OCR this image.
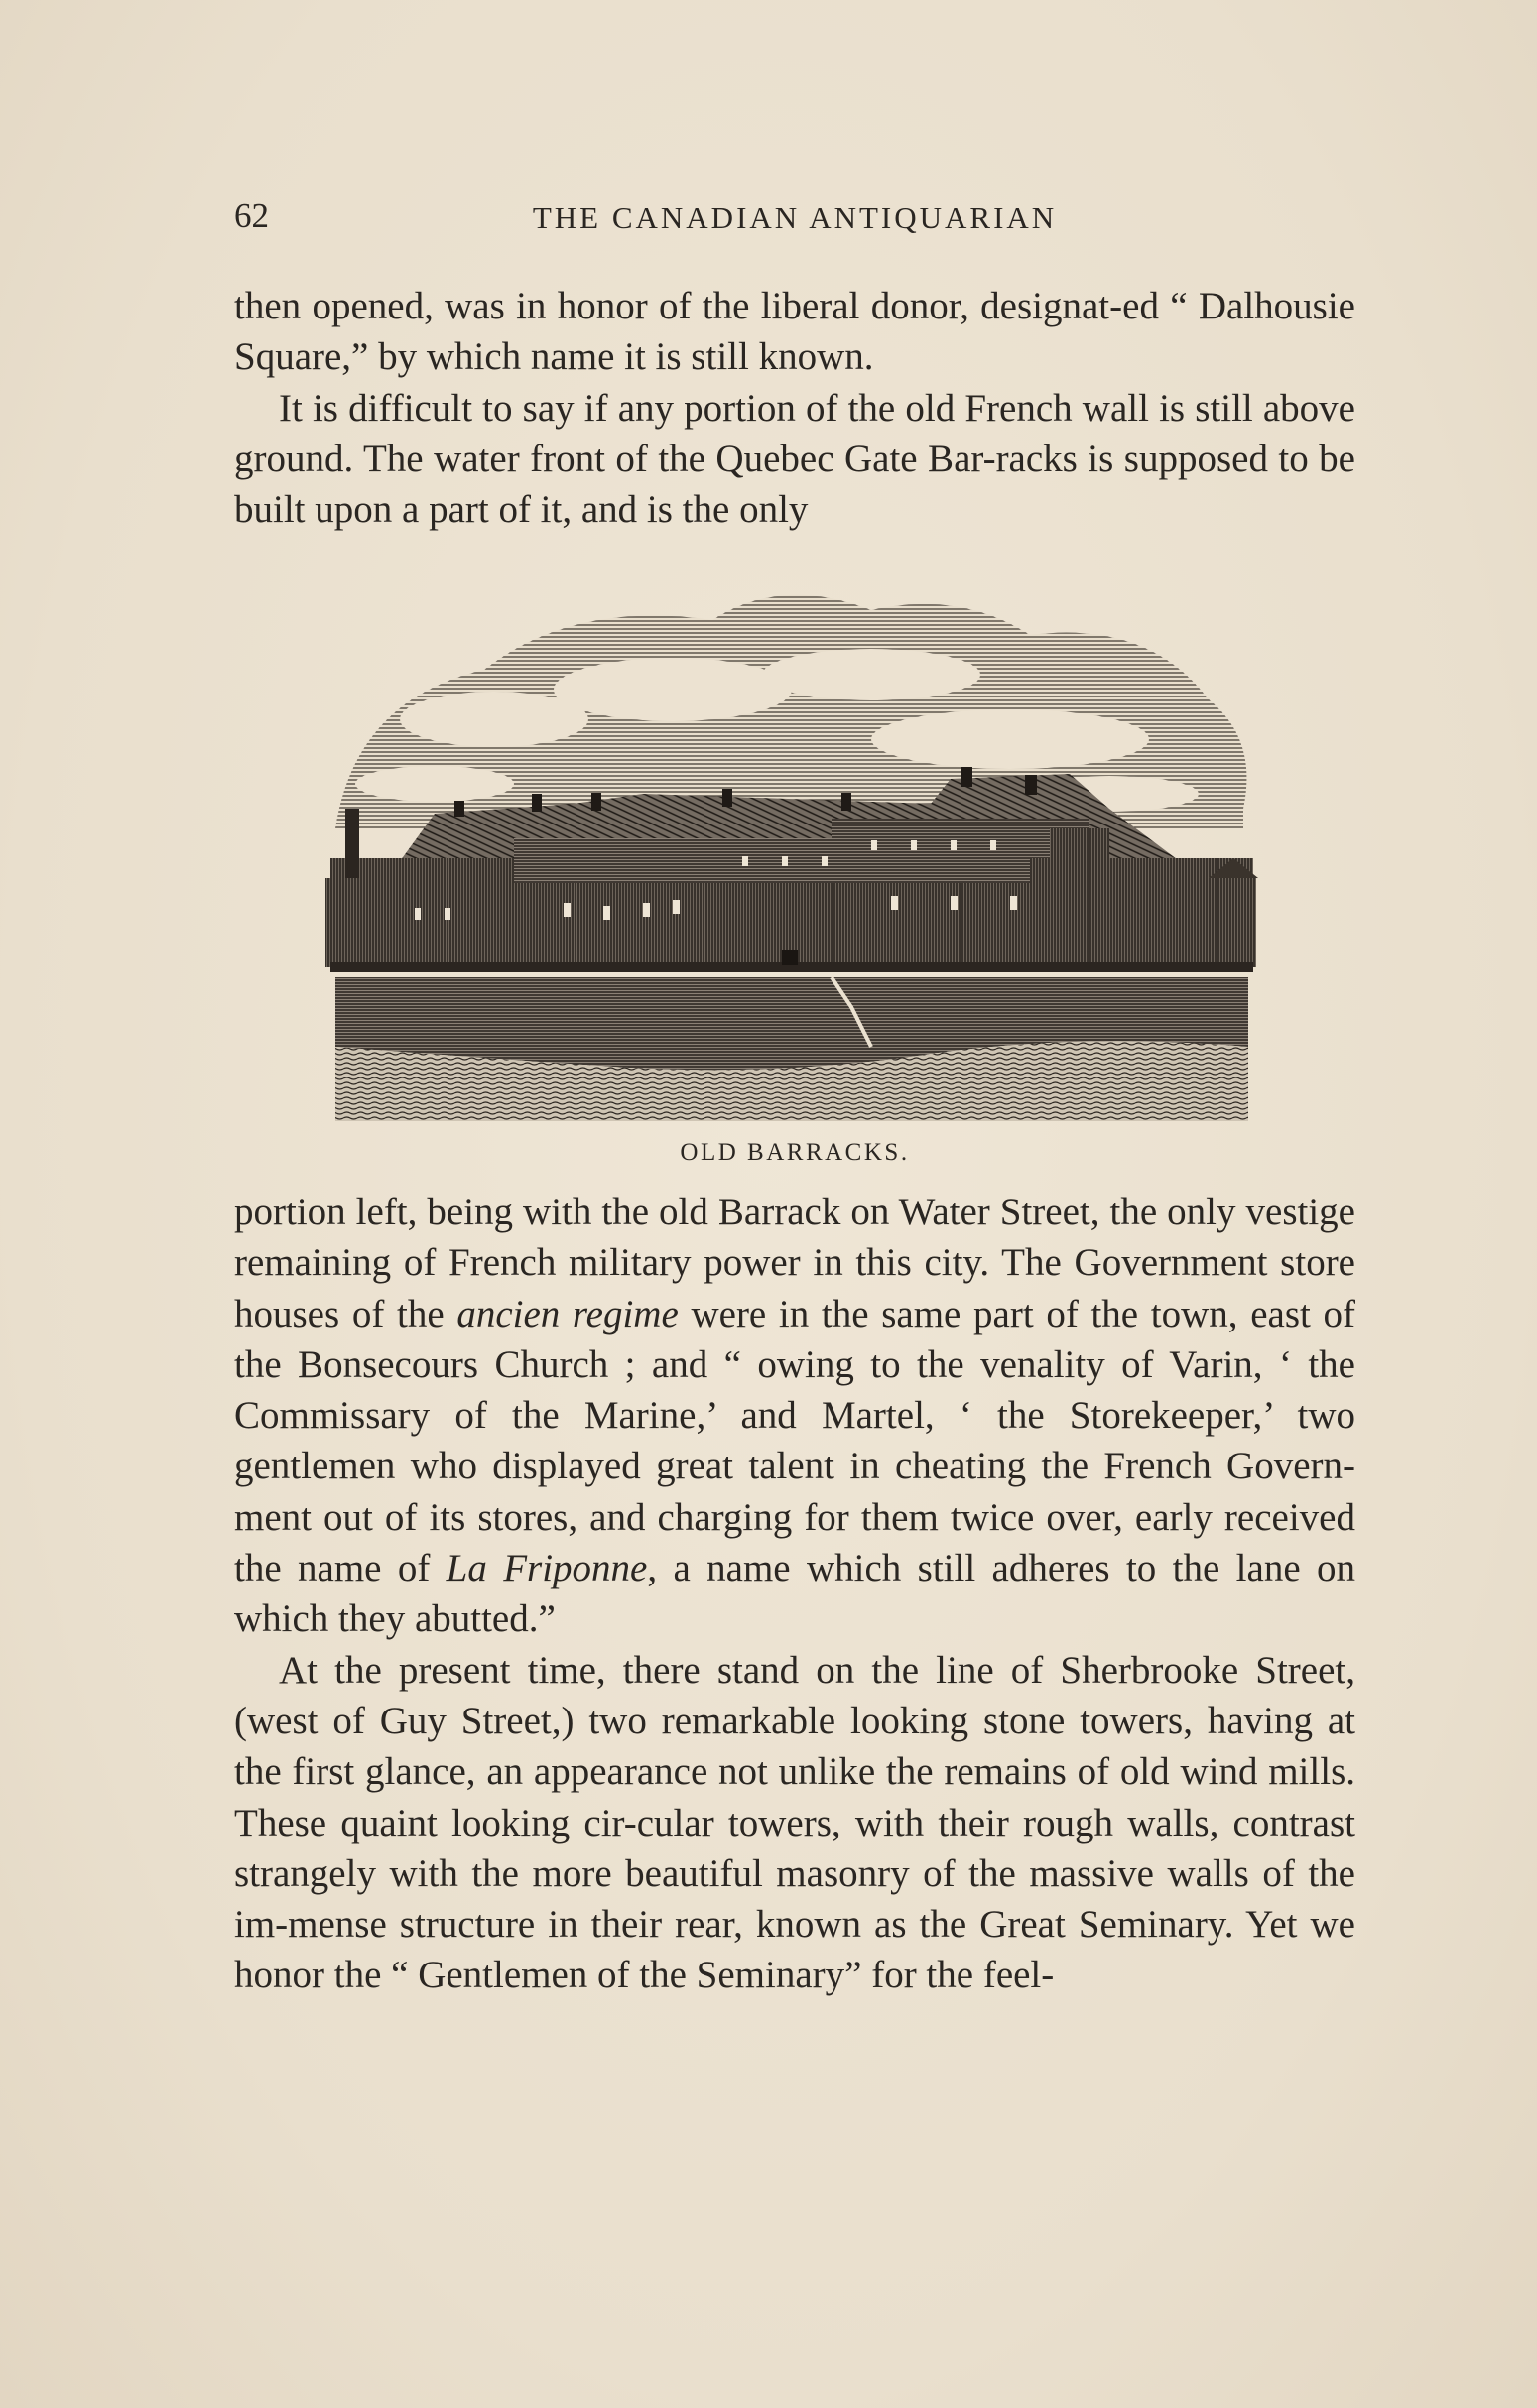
62	THE CANADIAN ANTIQUARIAN

then opened, was in honor of the liberal donor, designat-ed “ Dalhousie Square,” by which name it is still known.

It is difficult to say if any portion of the old French wall is still above ground. The water front of the Quebec Gate Bar-racks is supposed to be built upon a part of it, and is the only

OLD BARRACKS.

portion left, being with the old Barrack on Water Street, the only vestige remaining of French military power in this city. The Government store houses of the ancien regime were in the same part of the town, east of the Bonsecours Church ; and “ owing to the venality of Varin, ‘ the Commissary of the Marine,’ and Martel, ‘ the Storekeeper,’ two gentlemen who displayed great talent in cheating the French Govern-ment out of its stores, and charging for them twice over, early received the name of La Friponne, a name which still adheres to the lane on which they abutted.”

At the present time, there stand on the line of Sherbrooke Street, (west of Guy Street,) two remarkable looking stone towers, having at the first glance, an appearance not unlike the remains of old wind mills. These quaint looking cir-cular towers, with their rough walls, contrast strangely with the more beautiful masonry of the massive walls of the im-mense structure in their rear, known as the Great Seminary. Yet we honor the “ Gentlemen of the Seminary” for the feel-
